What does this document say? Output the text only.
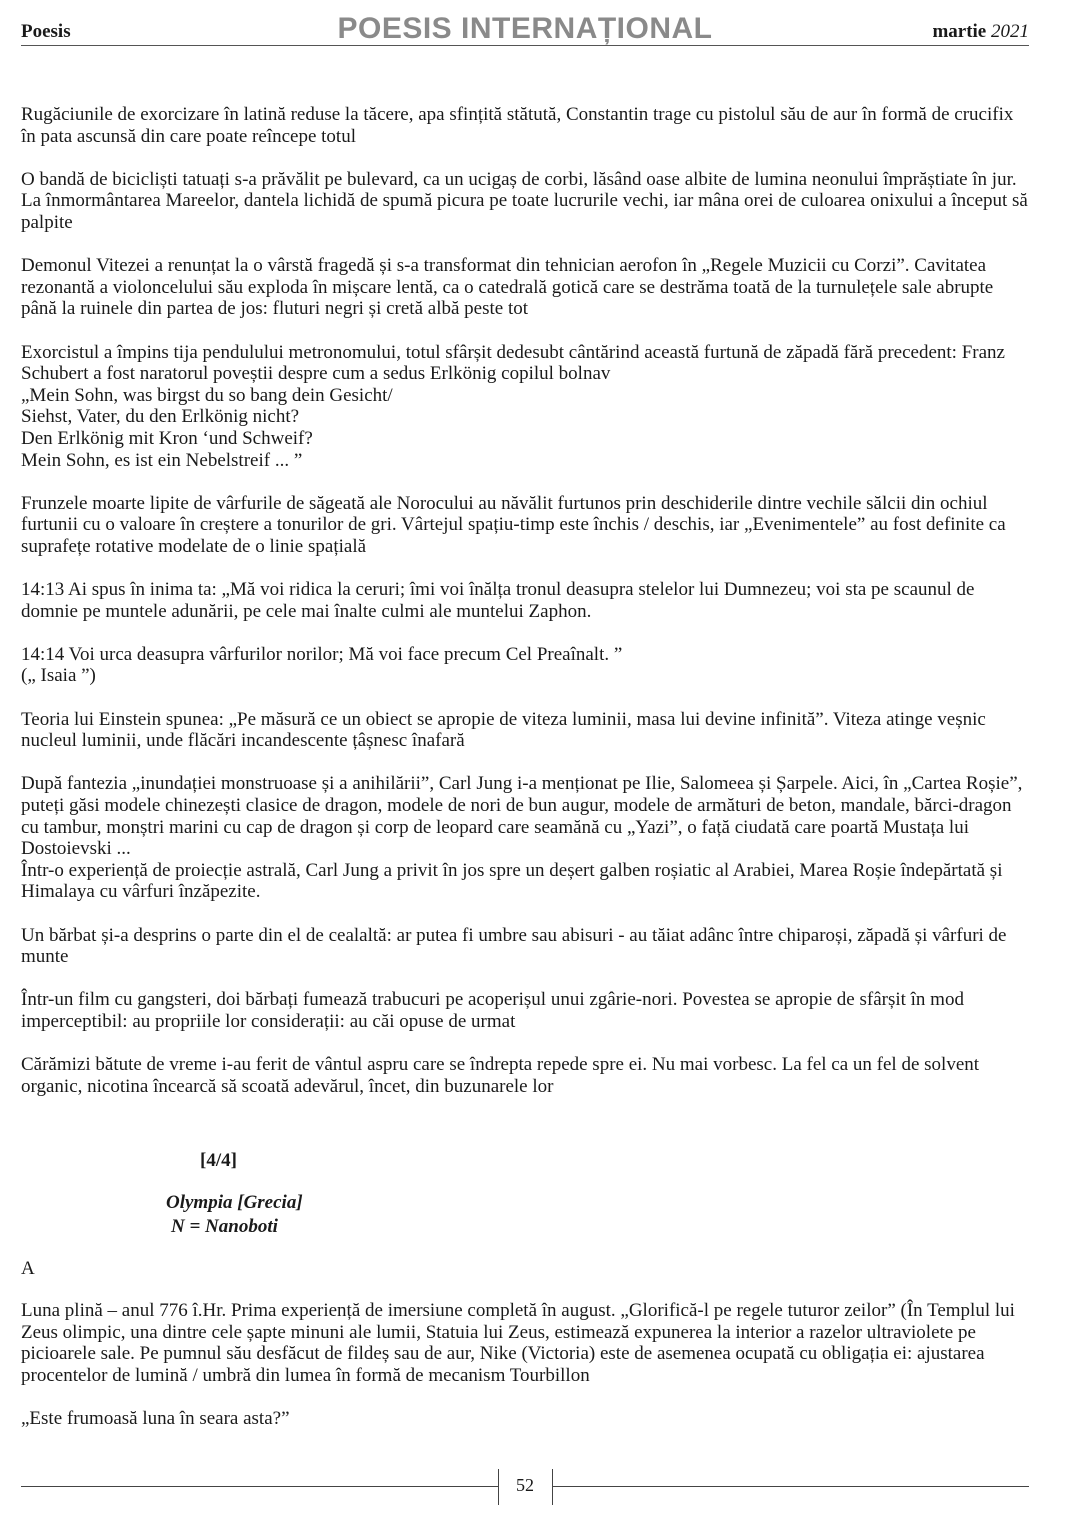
Poesis	POESIS INTERNAȚIONAL	martie 2021

Rugăciunile de exorcizare în latină reduse la tăcere, apa sfințită stătută, Constantin trage cu pistolul său de aur în formă de crucifix în pata ascunsă din care poate reîncepe totul

O bandă de bicicliști tatuați s-a prăvălit pe bulevard, ca un ucigaș de corbi, lăsând oase albite de lumina neonului împrăștiate în jur. La înmormântarea Mareelor, dantela lichidă de spumă picura pe toate lucrurile vechi, iar mâna orei de culoarea onixului a început să palpite

Demonul Vitezei a renunțat la o vârstă fragedă și s-a transformat din tehnician aerofon în „Regele Muzicii cu Corzi”. Cavitatea rezonantă a violoncelului său exploda în mișcare lentă, ca o catedrală gotică care se destrăma toată de la turnulețele sale abrupte până la ruinele din partea de jos: fluturi negri și cretă albă peste tot

Exorcistul a împins tija pendulului metronomului, totul sfârșit dedesubt cântărind această furtună de zăpadă fără precedent: Franz Schubert a fost naratorul poveștii despre cum a sedus Erlkönig copilul bolnav
„Mein Sohn, was birgst du so bang dein Gesicht/
Siehst, Vater, du den Erlkönig nicht?
Den Erlkönig mit Kron ‘und Schweif?
Mein Sohn, es ist ein Nebelstreif ... ”

Frunzele moarte lipite de vârfurile de săgeată ale Norocului au năvălit furtunos prin deschiderile dintre vechile sălcii din ochiul furtunii cu o valoare în creștere a tonurilor de gri. Vârtejul spațiu-timp este închis / deschis, iar „Evenimentele” au fost definite ca suprafețe rotative modelate de o linie spațială

14:13 Ai spus în inima ta: „Mă voi ridica la ceruri; îmi voi înălța tronul deasupra stelelor lui Dumnezeu; voi sta pe scaunul de domnie pe muntele adunării, pe cele mai înalte culmi ale muntelui Zaphon.

14:14 Voi urca deasupra vârfurilor norilor; Mă voi face precum Cel Preaînalt. ”
(„ Isaia ”)

Teoria lui Einstein spunea: „Pe măsură ce un obiect se apropie de viteza luminii, masa lui devine infinită”. Viteza atinge veșnic nucleul luminii, unde flăcări incandescente țâșnesc înafară

După fantezia „inundației monstruoase și a anihilării”, Carl Jung i-a menționat pe Ilie, Salomeea și Șarpele. Aici, în „Cartea Roșie”, puteți găsi modele chinezești clasice de dragon, modele de nori de bun augur, modele de armături de beton, mandale, bărci-dragon cu tambur, monștri marini cu cap de dragon și corp de leopard care seamănă cu „Yazi”, o față ciudată care poartă Mustața lui Dostoievski ...
Într-o experiență de proiecție astrală, Carl Jung a privit în jos spre un deșert galben roșiatic al Arabiei, Marea Roșie îndepărtată și Himalaya cu vârfuri înzăpezite.

Un bărbat și-a desprins o parte din el de cealaltă: ar putea fi umbre sau abisuri - au tăiat adânc între chiparoși, zăpadă și vârfuri de munte

Într-un film cu gangsteri, doi bărbați fumează trabucuri pe acoperișul unui zgârie-nori. Povestea se apropie de sfârșit în mod imperceptibil: au propriile lor considerații: au căi opuse de urmat

Cărămizi bătute de vreme i-au ferit de vântul aspru care se îndrepta repede spre ei. Nu mai vorbesc. La fel ca un fel de solvent organic, nicotina încearcă să scoată adevărul, încet, din buzunarele lor

[4/4]
Olympia [Grecia]
N = Nanoboti
A

Luna plină – anul 776 î.Hr. Prima experiență de imersiune completă în august. „Glorifică-l pe regele tuturor zeilor” (În Templul lui Zeus olimpic, una dintre cele șapte minuni ale lumii, Statuia lui Zeus, estimează expunerea la interior a razelor ultraviolete pe picioarele sale. Pe pumnul său desfăcut de fildeș sau de aur, Nike (Victoria) este de asemenea ocupată cu obligația ei: ajustarea procentelor de lumină / umbră din lumea în formă de mecanism Tourbillon

„Este frumoasă luna în seara asta?”

52
